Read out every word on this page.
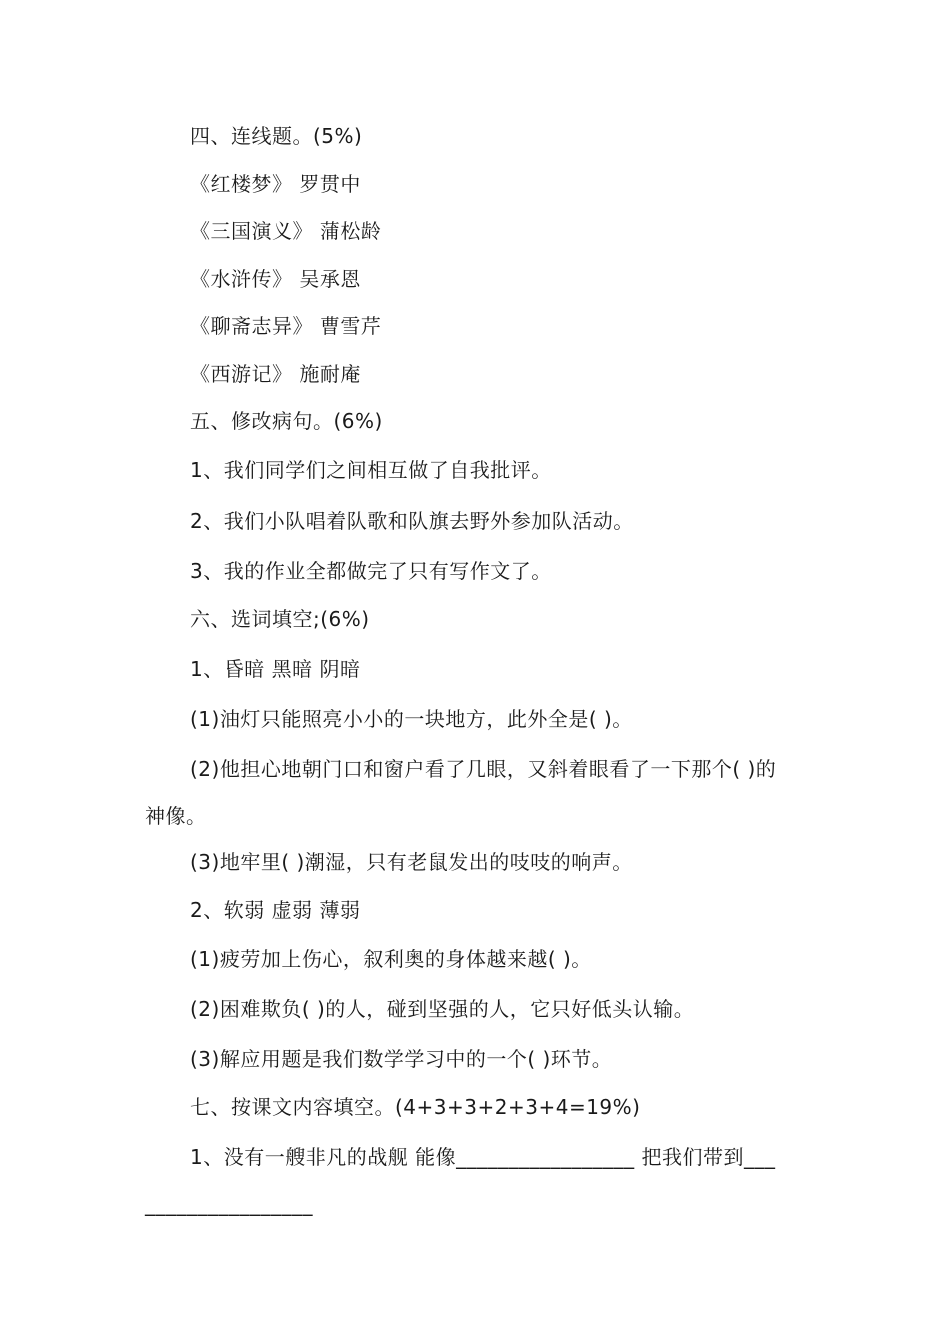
四、连线题。(5%)
《红楼梦》 罗贯中
《三国演义》 蒲松龄
《水浒传》 吴承恩
《聊斋志异》 曹雪芹
《西游记》 施耐庵
五、修改病句。(6%)
1、我们同学们之间相互做了自我批评。
2、我们小队唱着队歌和队旗去野外参加队活动。
3、我的作业全都做完了只有写作文了。
六、选词填空;(6%)
1、昏暗 黑暗 阴暗
(1)油灯只能照亮小小的一块地方，此外全是( )。
(2)他担心地朝门口和窗户看了几眼，又斜着眼看了一下那个( )的
神像。
(3)地牢里( )潮湿，只有老鼠发出的吱吱的响声。
2、软弱 虚弱 薄弱
(1)疲劳加上伤心，叙利奥的身体越来越( )。
(2)困难欺负( )的人，碰到坚强的人，它只好低头认输。
(3)解应用题是我们数学学习中的一个( )环节。
七、按课文内容填空。(4+3+3+2+3+4=19%)
1、没有一艘非凡的战舰 能像_________________ 把我们带到___
________________
